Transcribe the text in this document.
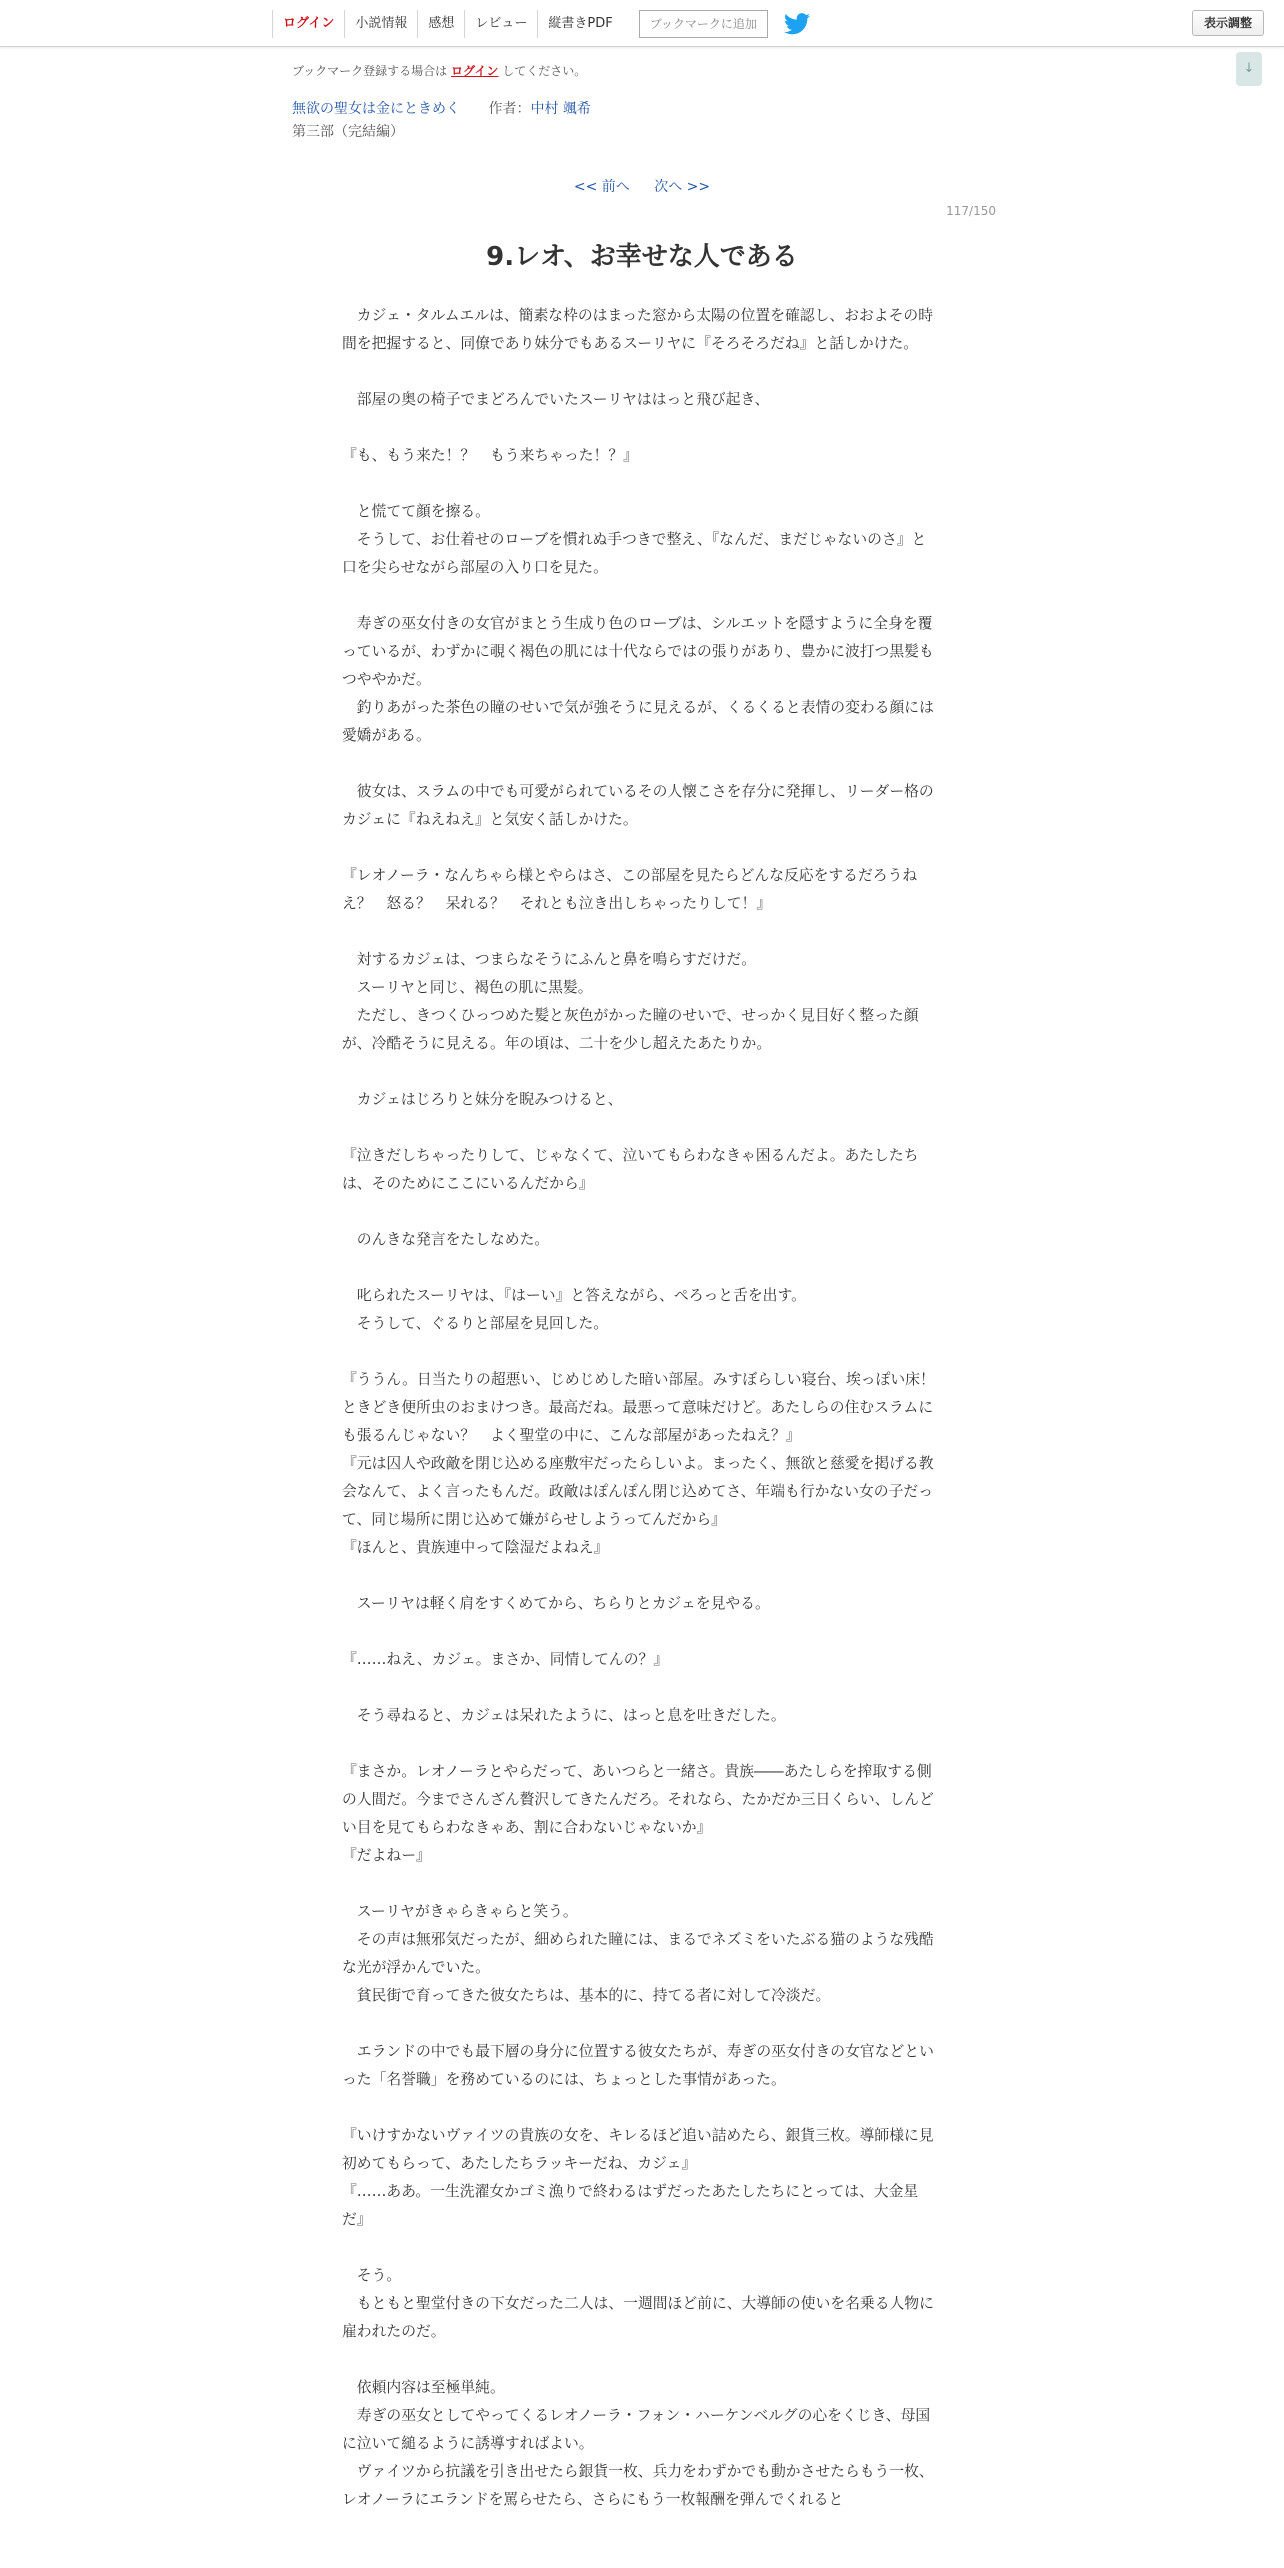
ログイン	小説情報	感想	レビュー	縦書きPDF	ブックマークに追加	表示調整
↓
ブックマーク登録する場合は ログイン してください。
無欲の聖女は金にときめく 作者：中村 颯希
第三部（完結編）
<< 前へ 次へ >>
117/150
9.レオ、お幸せな人である
　カジェ・タルムエルは、簡素な枠のはまった窓から太陽の位置を確認し、おおよその時間を把握すると、同僚であり妹分でもあるスーリヤに『そろそろだね』と話しかけた。

　部屋の奥の椅子でまどろんでいたスーリヤははっと飛び起き、

『も、もう来た！？　もう来ちゃった！？』

　と慌てて顔を擦る。
　そうして、お仕着せのローブを慣れぬ手つきで整え、『なんだ、まだじゃないのさ』と口を尖らせながら部屋の入り口を見た。

　寿ぎの巫女付きの女官がまとう生成り色のローブは、シルエットを隠すように全身を覆っているが、わずかに覗く褐色の肌には十代ならではの張りがあり、豊かに波打つ黒髪もつややかだ。
　釣りあがった茶色の瞳のせいで気が強そうに見えるが、くるくると表情の変わる顔には愛嬌がある。

　彼女は、スラムの中でも可愛がられているその人懐こさを存分に発揮し、リーダー格のカジェに『ねえねえ』と気安く話しかけた。

『レオノーラ・なんちゃら様とやらはさ、この部屋を見たらどんな反応をするだろうねえ？　怒る？　呆れる？　それとも泣き出しちゃったりして！』

　対するカジェは、つまらなそうにふんと鼻を鳴らすだけだ。
　スーリヤと同じ、褐色の肌に黒髪。
　ただし、きつくひっつめた髪と灰色がかった瞳のせいで、せっかく見目好く整った顔が、冷酷そうに見える。年の頃は、二十を少し超えたあたりか。

　カジェはじろりと妹分を睨みつけると、

『泣きだしちゃったりして、じゃなくて、泣いてもらわなきゃ困るんだよ。あたしたちは、そのためにここにいるんだから』

　のんきな発言をたしなめた。

　叱られたスーリヤは、『はーい』と答えながら、ぺろっと舌を出す。
　そうして、ぐるりと部屋を見回した。

『ううん。日当たりの超悪い、じめじめした暗い部屋。みすぼらしい寝台、埃っぽい床！　ときどき便所虫のおまけつき。最高だね。最悪って意味だけど。あたしらの住むスラムにも張るんじゃない？　よく聖堂の中に、こんな部屋があったねえ？』
『元は囚人や政敵を閉じ込める座敷牢だったらしいよ。まったく、無欲と慈愛を掲げる教会なんて、よく言ったもんだ。政敵はぽんぽん閉じ込めてさ、年端も行かない女の子だって、同じ場所に閉じ込めて嫌がらせしようってんだから』
『ほんと、貴族連中って陰湿だよねえ』

　スーリヤは軽く肩をすくめてから、ちらりとカジェを見やる。

『……ねえ、カジェ。まさか、同情してんの？』

　そう尋ねると、カジェは呆れたように、はっと息を吐きだした。

『まさか。レオノーラとやらだって、あいつらと一緒さ。貴族――あたしらを搾取する側の人間だ。今までさんざん贅沢してきたんだろ。それなら、たかだか三日くらい、しんどい目を見てもらわなきゃあ、割に合わないじゃないか』
『だよねー』

　スーリヤがきゃらきゃらと笑う。
　その声は無邪気だったが、細められた瞳には、まるでネズミをいたぶる猫のような残酷な光が浮かんでいた。
　貧民街で育ってきた彼女たちは、基本的に、持てる者に対して冷淡だ。

　エランドの中でも最下層の身分に位置する彼女たちが、寿ぎの巫女付きの女官などといった「名誉職」を務めているのには、ちょっとした事情があった。

『いけすかないヴァイツの貴族の女を、キレるほど追い詰めたら、銀貨三枚。導師様に見初めてもらって、あたしたちラッキーだね、カジェ』
『……ああ。一生洗濯女かゴミ漁りで終わるはずだったあたしたちにとっては、大金星だ』

　そう。
　もともと聖堂付きの下女だった二人は、一週間ほど前に、大導師の使いを名乗る人物に雇われたのだ。

　依頼内容は至極単純。
　寿ぎの巫女としてやってくるレオノーラ・フォン・ハーケンベルグの心をくじき、母国に泣いて縋るように誘導すればよい。
　ヴァイツから抗議を引き出せたら銀貨一枚、兵力をわずかでも動かさせたらもう一枚、レオノーラにエランドを罵らせたら、さらにもう一枚報酬を弾んでくれると
